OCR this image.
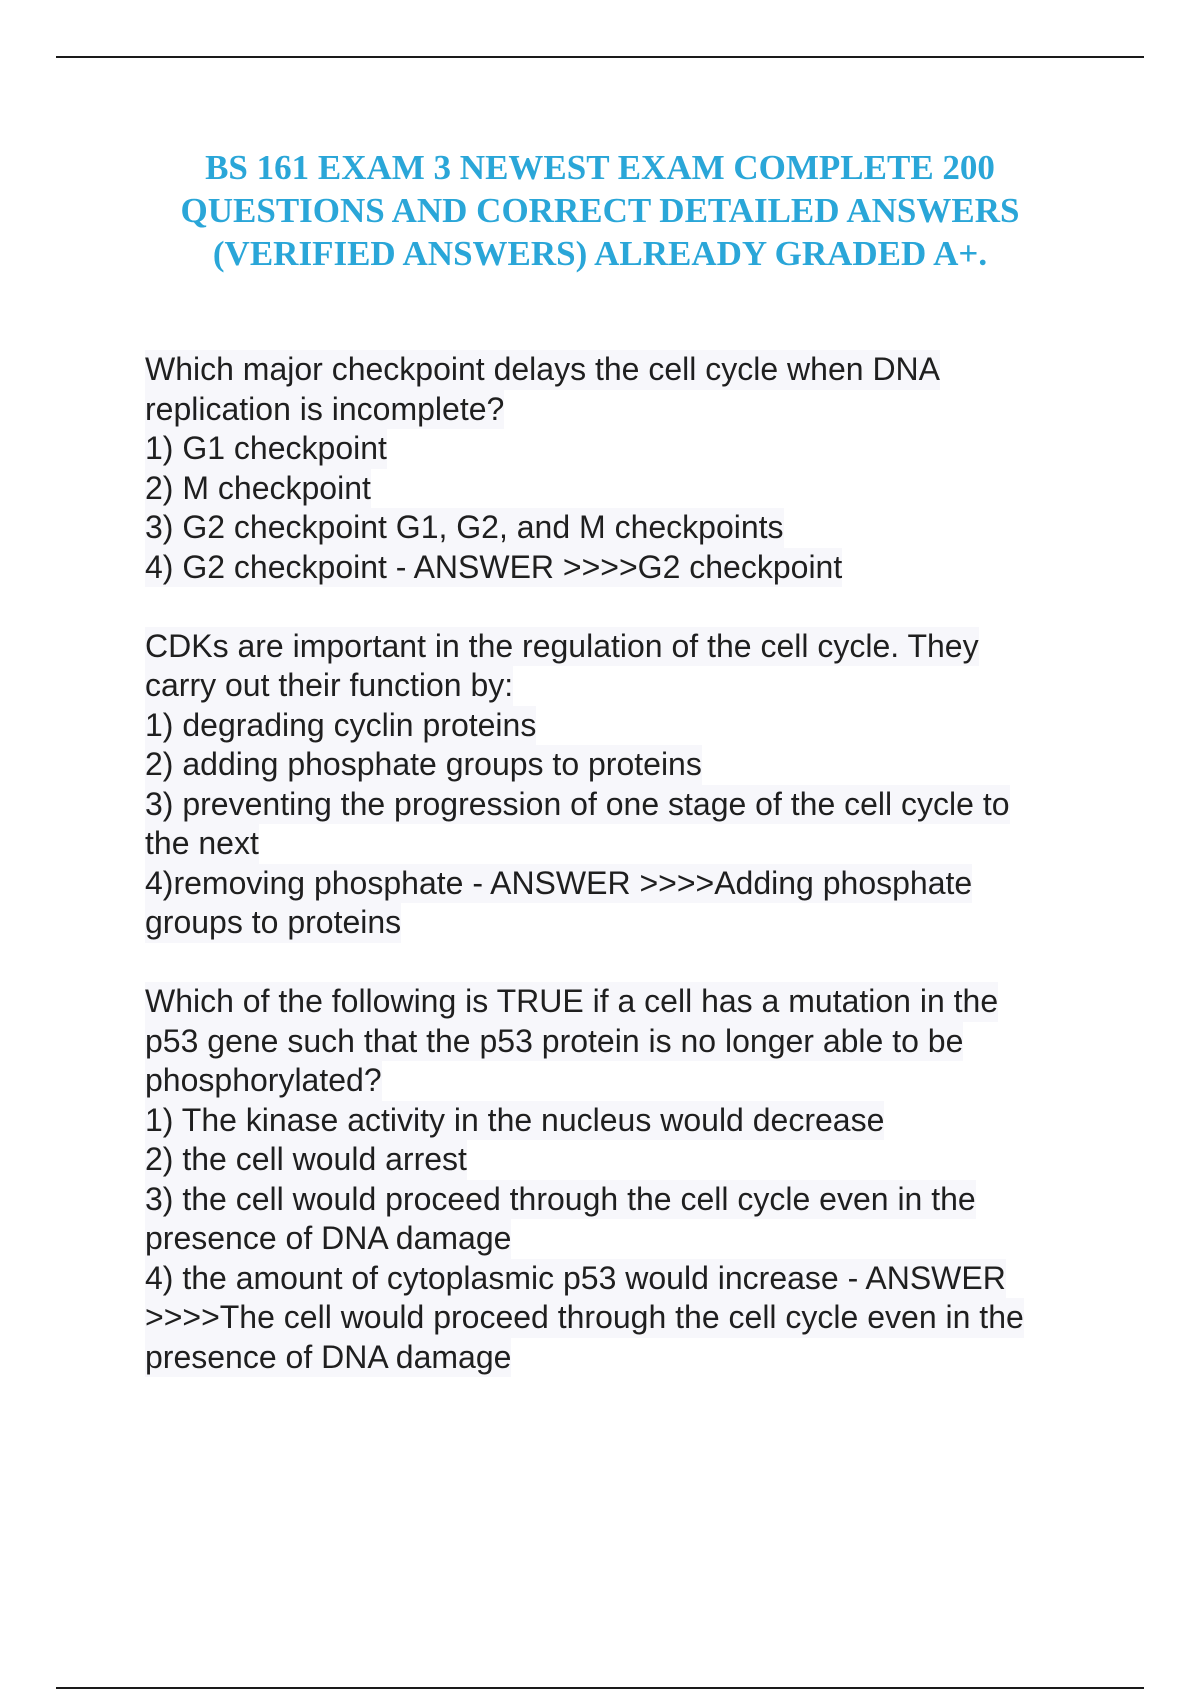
BS 161 EXAM 3 NEWEST EXAM COMPLETE 200
QUESTIONS AND CORRECT DETAILED ANSWERS
(VERIFIED ANSWERS) ALREADY GRADED A+.
Which major checkpoint delays the cell cycle when DNA
replication is incomplete?
1) G1 checkpoint
2) M checkpoint
3) G2 checkpoint G1, G2, and M checkpoints
4) G2 checkpoint - ANSWER >>>>G2 checkpoint
CDKs are important in the regulation of the cell cycle. They
carry out their function by:
1) degrading cyclin proteins
2) adding phosphate groups to proteins
3) preventing the progression of one stage of the cell cycle to
the next
4)removing phosphate - ANSWER >>>>Adding phosphate
groups to proteins
Which of the following is TRUE if a cell has a mutation in the
p53 gene such that the p53 protein is no longer able to be
phosphorylated?
1) The kinase activity in the nucleus would decrease
2) the cell would arrest
3) the cell would proceed through the cell cycle even in the
presence of DNA damage
4) the amount of cytoplasmic p53 would increase - ANSWER
>>>>The cell would proceed through the cell cycle even in the
presence of DNA damage
